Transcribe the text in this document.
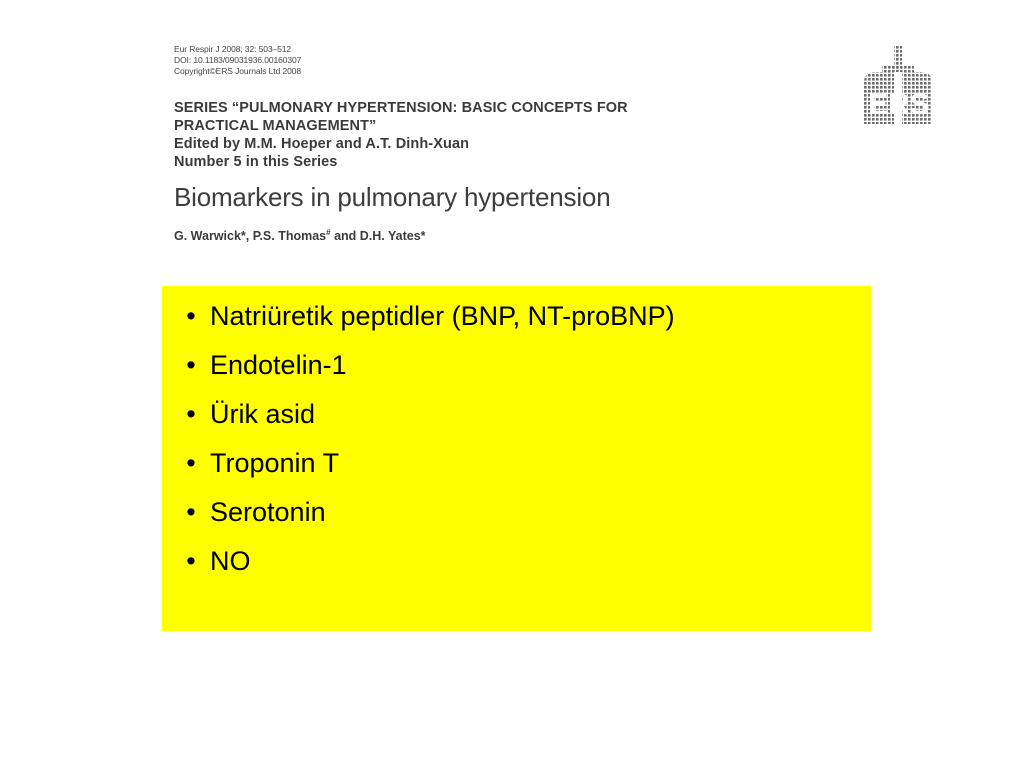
Eur Respir J 2008; 32: 503–512
DOI: 10.1183/09031936.00160307
Copyright©ERS Journals Ltd 2008
SERIES “PULMONARY HYPERTENSION: BASIC CONCEPTS FOR
PRACTICAL MANAGEMENT”
Edited by M.M. Hoeper and A.T. Dinh-Xuan
Number 5 in this Series
Biomarkers in pulmonary hypertension
G. Warwick*, P.S. Thomas# and D.H. Yates*
ERS
• Natriüretik peptidler (BNP, NT-proBNP)
• Endotelin-1
• Ürik asid
• Troponin T
• Serotonin
• NO
